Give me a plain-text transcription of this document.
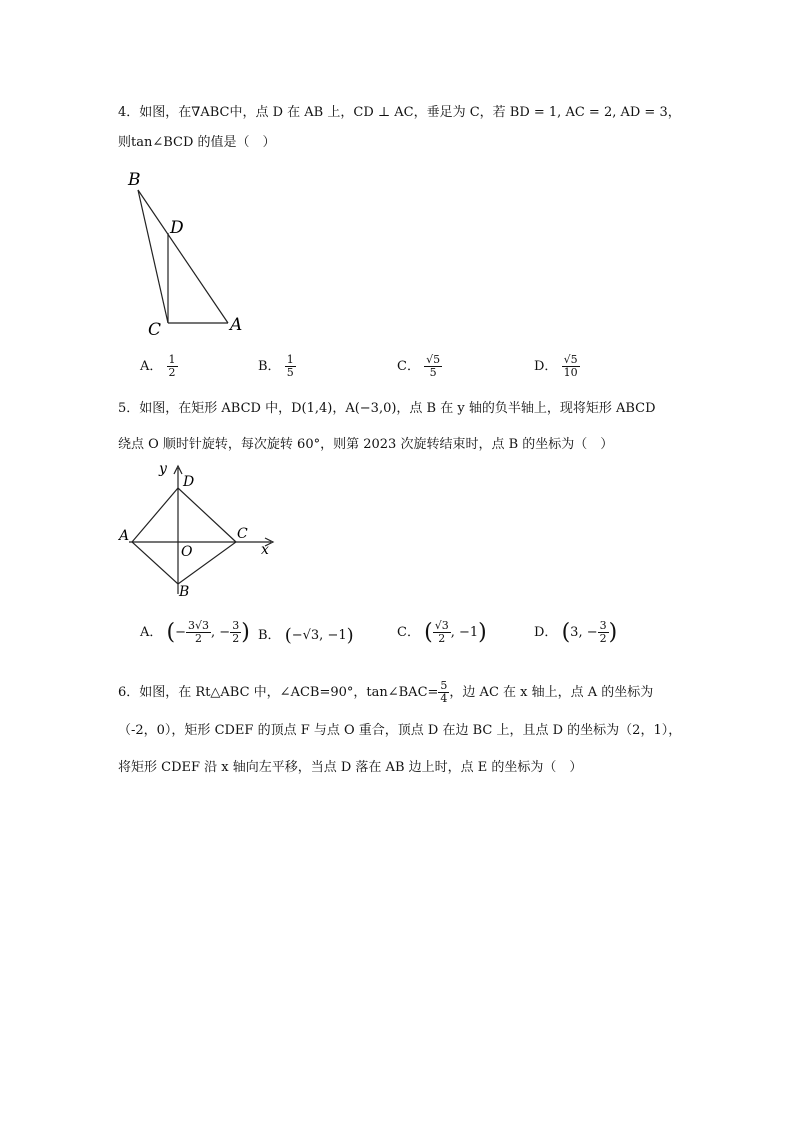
4．如图，在∇ABC中，点 D 在 AB 上，CD ⊥ AC，垂足为 C，若 BD = 1, AC = 2, AD = 3，
则tan∠BCD 的值是（　）
B
D
C	A
A． $\frac{1}{2}$	B． $\frac{1}{5}$	C． $\frac{√5}{5}$	D． $\frac{√5}{10}$
5．如图，在矩形 ABCD 中，D(1,4)，A(−3,0)，点 B 在 y 轴的负半轴上，现将矩形 ABCD
绕点 O 顺时针旋转，每次旋转 60°，则第 2023 次旋转结束时，点 B 的坐标为（　）
y
D
A	C
x
O
B
A． (− $\frac{3√3}{2}$ , − $\frac{3}{2}$ ) B． (−√3, −1)	C． ( $\frac{√3}{2}$ , −1)	D． (3, − $\frac{3}{2}$ )
6．如图，在 Rt△ABC 中，∠ACB=90°，tan∠BAC= $\frac{5}{4}$ ，边 AC 在 x 轴上，点 A 的坐标为
（-2，0），矩形 CDEF 的顶点 F 与点 O 重合，顶点 D 在边 BC 上，且点 D 的坐标为（2，1），
将矩形 CDEF 沿 x 轴向左平移，当点 D 落在 AB 边上时，点 E 的坐标为（　）
